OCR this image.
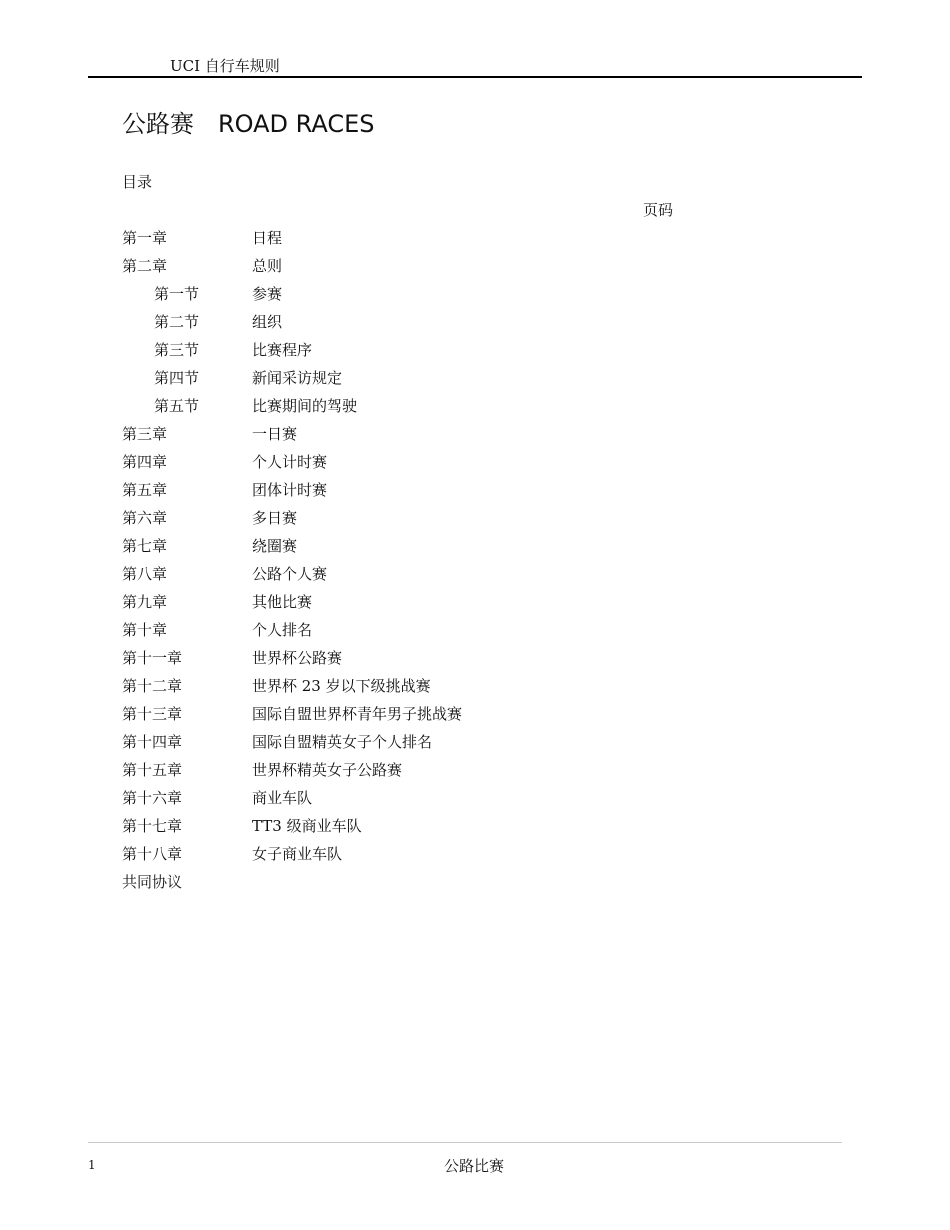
UCI 自行车规则
公路赛　ROAD RACES
目录
页码
第一章	日程
第二章	总则
第一节	参赛
第二节	组织
第三节	比赛程序
第四节	新闻采访规定
第五节	比赛期间的驾驶
第三章	一日赛
第四章	个人计时赛
第五章	团体计时赛
第六章	多日赛
第七章	绕圈赛
第八章	公路个人赛
第九章	其他比赛
第十章	个人排名
第十一章	世界杯公路赛
第十二章	世界杯 23 岁以下级挑战赛
第十三章	国际自盟世界杯青年男子挑战赛
第十四章	国际自盟精英女子个人排名
第十五章	世界杯精英女子公路赛
第十六章	商业车队
第十七章	TT3 级商业车队
第十八章	女子商业车队
共同协议
1	公路比赛
